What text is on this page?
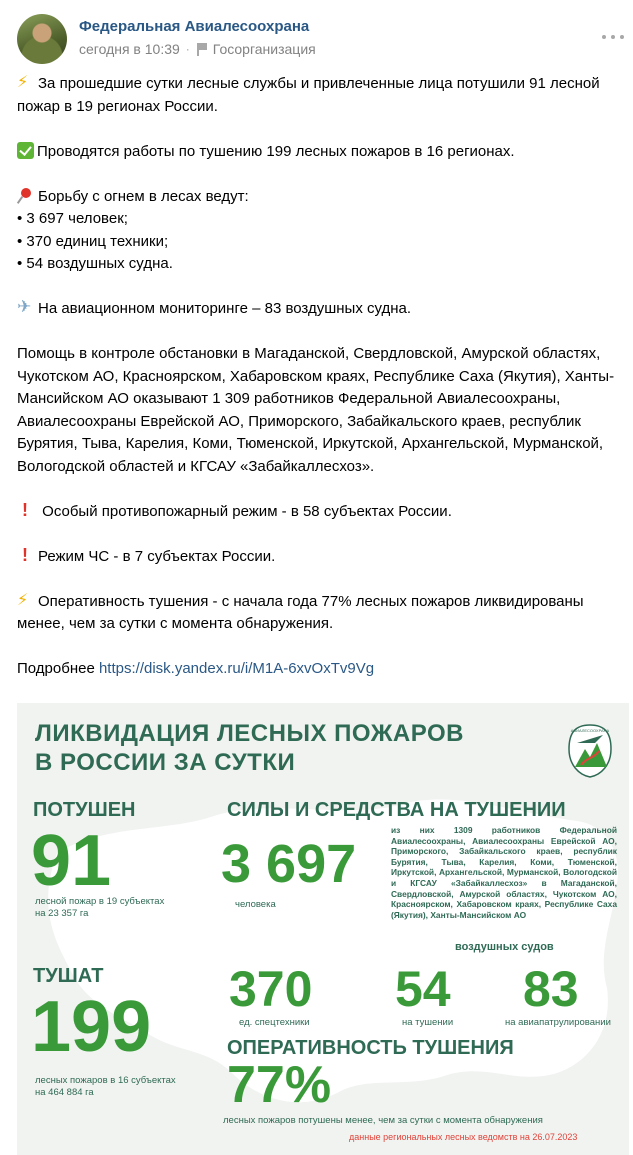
Федеральная Авиалесоохрана
сегодня в 10:39 · Госорганизация
⚡За прошедшие сутки лесные службы и привлеченные лица потушили 91 лесной пожар в 19 регионах России.
Проводятся работы по тушению 199 лесных пожаров в 16 регионах.
Борьбу с огнем в лесах ведут:
• 3 697 человек;
• 370 единиц техники;
• 54 воздушных судна.
✈На авиационном мониторинге – 83 воздушных судна.
Помощь в контроле обстановки в Магаданской, Свердловской, Амурской областях, Чукотском АО, Красноярском, Хабаровском краях, Республике Саха (Якутия), Ханты-Мансийском АО оказывают 1 309 работников Федеральной Авиалесоохраны, Авиалесоохраны Еврейской АО, Приморского, Забайкальского краев, республик Бурятия, Тыва, Карелия, Коми, Тюменской, Иркутской, Архангельской, Мурманской, Вологодской областей и КГСАУ «Забайкаллесхоз».
! Особый противопожарный режим - в 58 субъектах России.
!Режим ЧС - в 7 субъектах России.
⚡Оперативность тушения - с начала года 77% лесных пожаров ликвидированы менее, чем за сутки с момента обнаружения.
Подробнее https://disk.yandex.ru/i/M1A-6xvOxTv9Vg
ЛИКВИДАЦИЯ ЛЕСНЫХ ПОЖАРОВ
В РОССИИ ЗА СУТКИ
АВИАЛЕСООХРАНА
ПОТУШЕН
91
лесной пожар в 19 субъектах
на 23 357 га
ТУШАТ
199
лесных пожаров в 16 субъектах
на 464 884 га
СИЛЫ И СРЕДСТВА НА ТУШЕНИИ
3 697
человека
из них 1309 работников Федеральной Авиалесоохраны, Авиалесоохраны Еврейской АО, Приморского, Забайкальского краев, республик Бурятия, Тыва, Карелия, Коми, Тюменской, Иркутской, Архангельской, Мурманской, Вологодской и КГСАУ «Забайкаллесхоз» в Магаданской, Свердловской, Амурской областях, Чукотском АО, Красноярском, Хабаровском краях, Республике Саха (Якутия), Ханты-Мансийском АО
воздушных судов
370
ед. спецтехники
54
на тушении
83
на авиапатрулировании
ОПЕРАТИВНОСТЬ ТУШЕНИЯ
77%
лесных пожаров потушены менее, чем за сутки с момента обнаружения
данные региональных лесных ведомств на 26.07.2023
